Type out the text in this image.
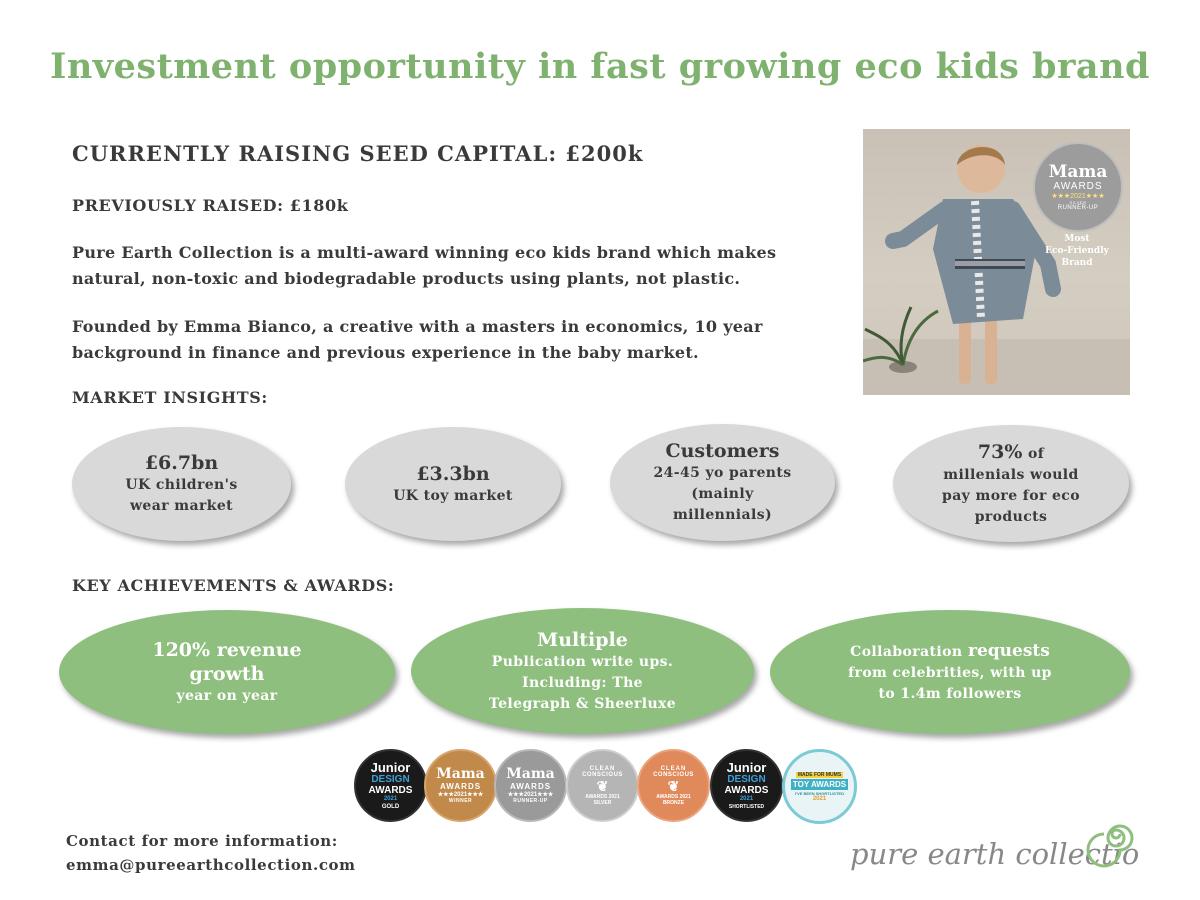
Investment opportunity in fast growing eco kids brand
CURRENTLY RAISING SEED CAPITAL: £200k
PREVIOUSLY RAISED: £180k
Pure Earth Collection is a multi-award winning eco kids brand which makes
natural, non-toxic and biodegradable products using plants, not plastic.
Founded by Emma Bianco, a creative with a masters in economics, 10 year
background in finance and previous experience in the baby market.
Mama
AWARDS
★★★2021★★★
SILVER
RUNNER-UP
Most
Eco-Friendly Brand
MARKET INSIGHTS:
£6.7bn
UK children's
wear market
£3.3bn
UK toy market
Customers
24-45 yo parents
(mainly
millennials)
73% of
millenials would
pay more for eco
products
KEY ACHIEVEMENTS & AWARDS:
120% revenue
growth
year on year
Multiple
Publication write ups.
Including: The
Telegraph & Sheerluxe
Collaboration requests
from celebrities, with up
to 1.4m followers
Junior
DESIGN
AWARDS
2021
GOLD
Mama
AWARDS
★★★2021★★★
WINNER
Mama
AWARDS
★★★2021★★★
RUNNER-UP
CLEAN
CONSCIOUS
❦
AWARDS 2021
SILVER
CLEAN
CONSCIOUS
❦
AWARDS 2021
BRONZE
Junior
DESIGN
AWARDS
2021
SHORTLISTED
MADE FOR MUMS
TOY AWARDS
I'VE BEEN SHORTLISTED
2021
Contact for more information:
emma@pureearthcollection.com	pure earth collection
